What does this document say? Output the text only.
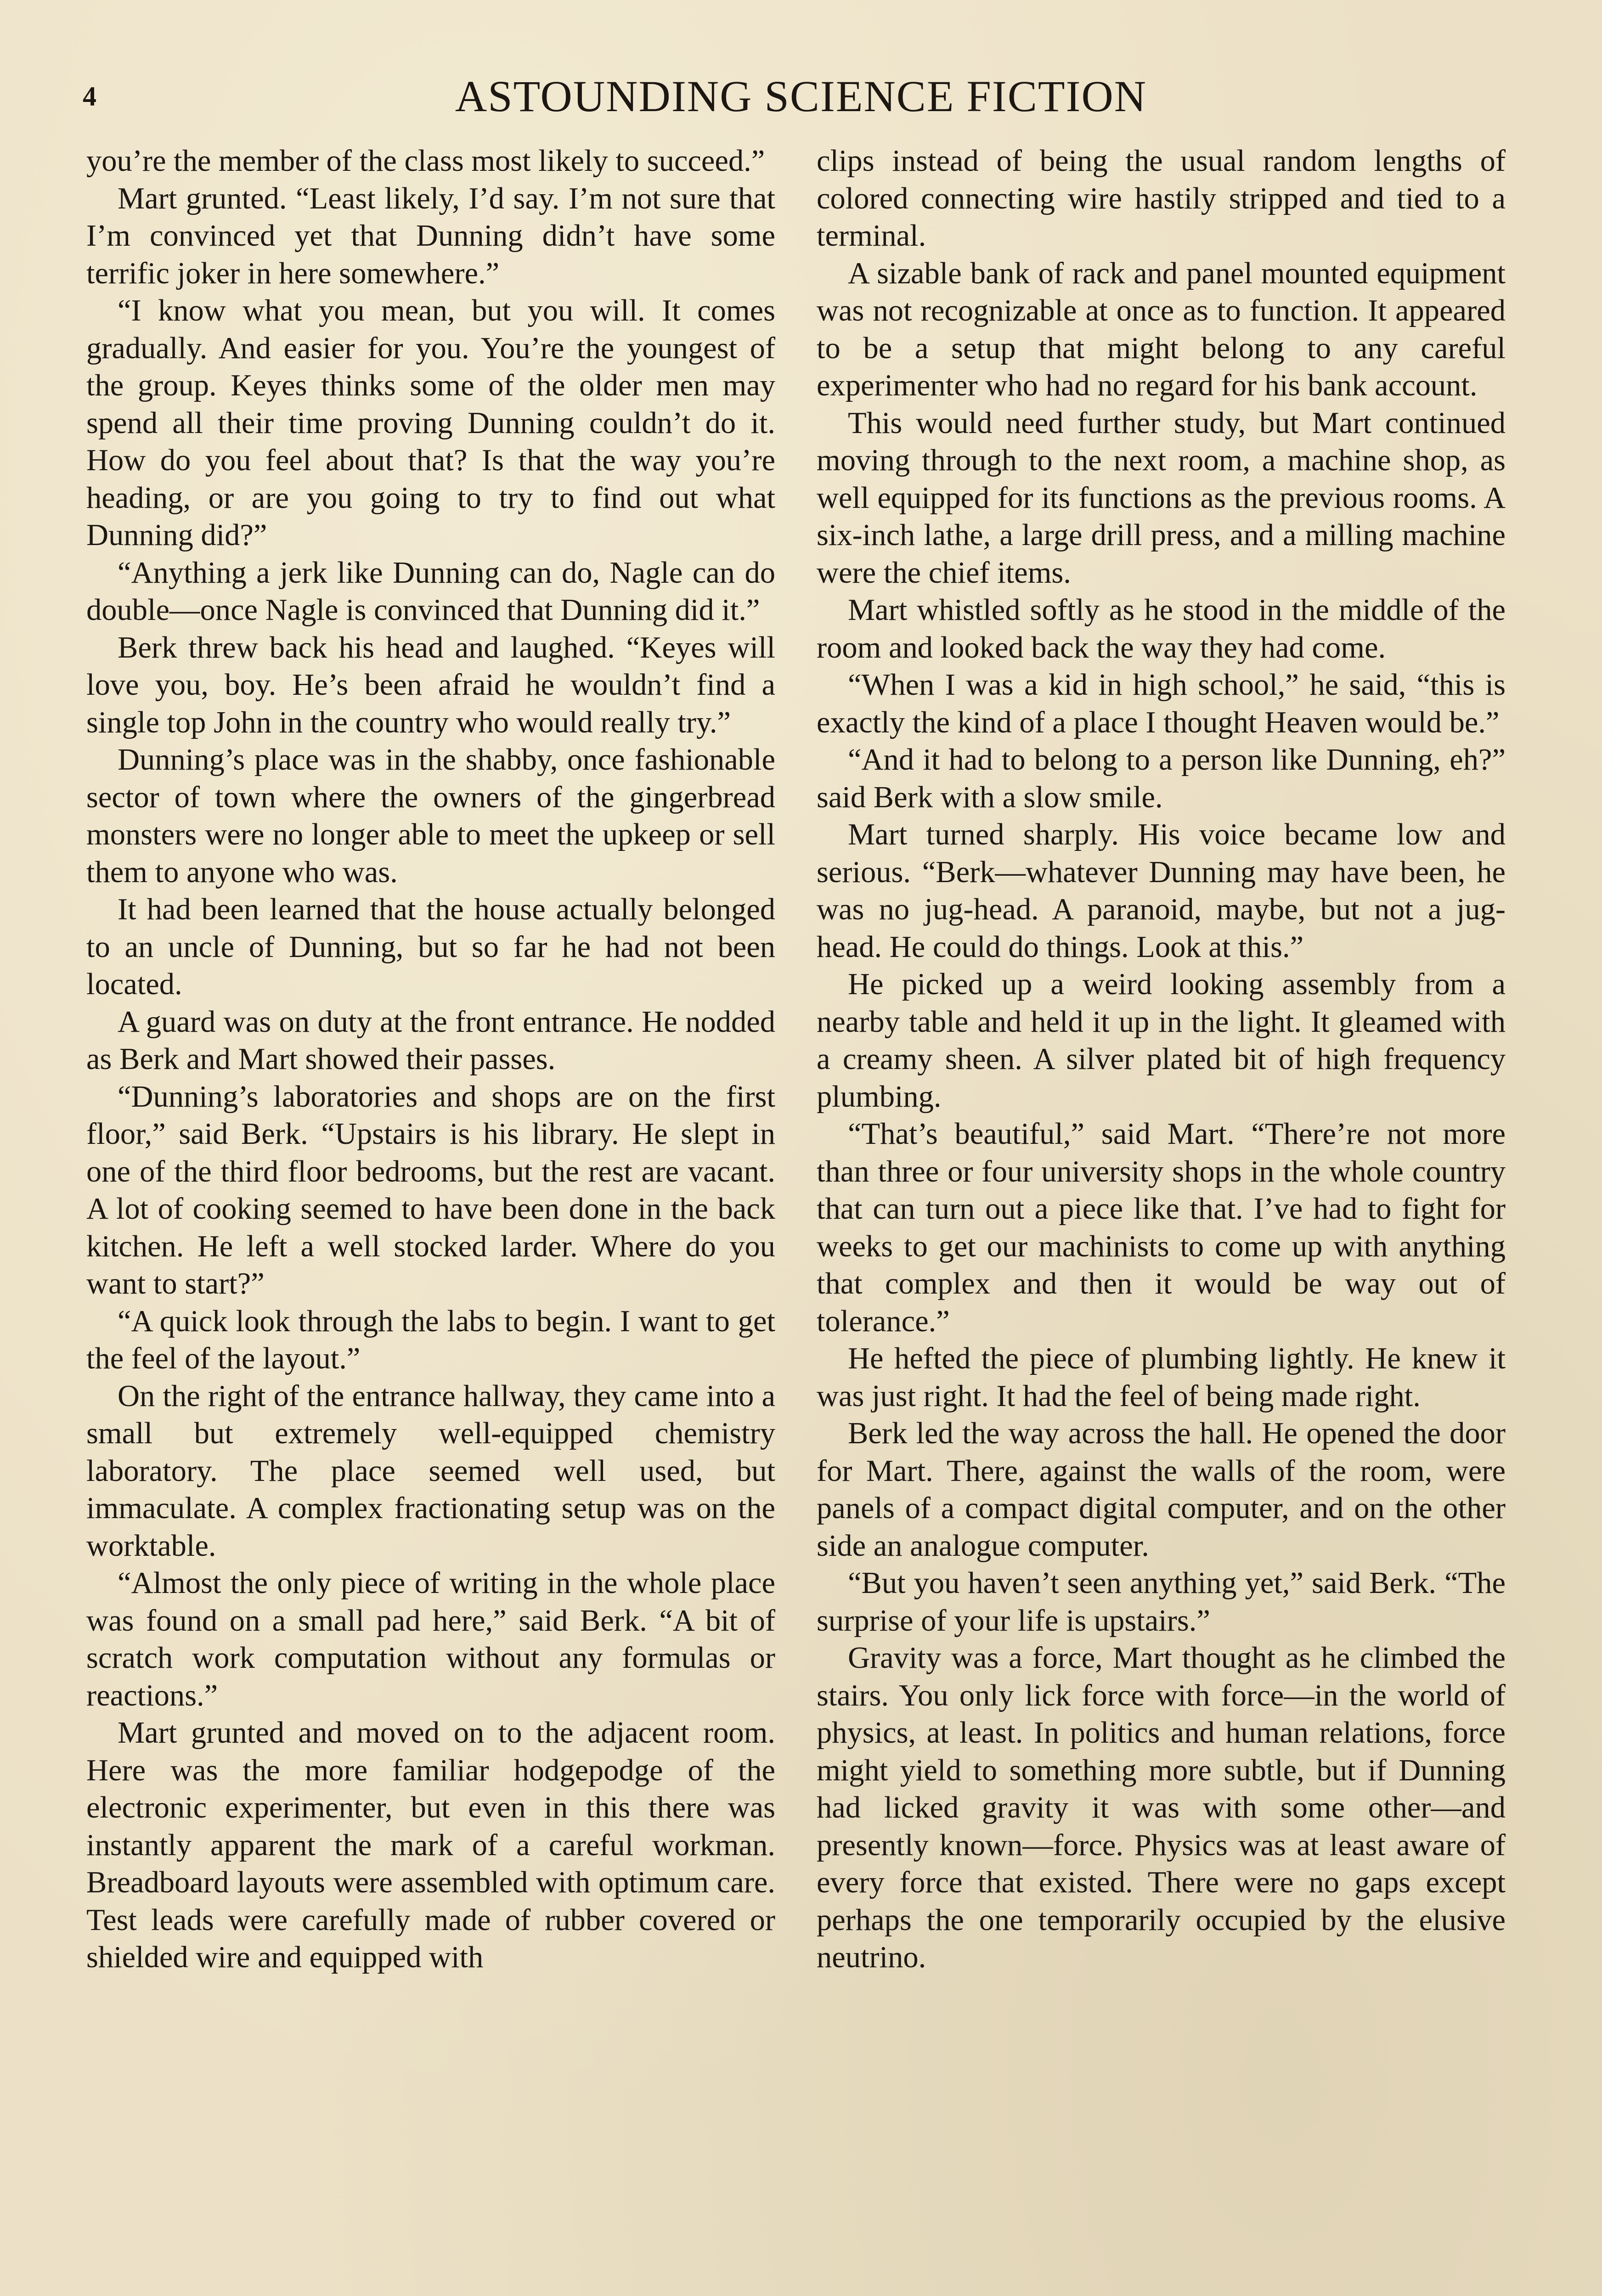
4	ASTOUNDING SCIENCE FICTION

you’re the member of the class most likely to succeed.”

Mart grunted. “Least likely, I’d say. I’m not sure that I’m convinced yet that Dunning didn’t have some terrific joker in here somewhere.”

“I know what you mean, but you will. It comes gradually. And easier for you. You’re the youngest of the group. Keyes thinks some of the older men may spend all their time proving Dunning couldn’t do it. How do you feel about that? Is that the way you’re heading, or are you going to try to find out what Dunning did?”

“Anything a jerk like Dunning can do, Nagle can do double—once Nagle is convinced that Dunning did it.”

Berk threw back his head and laughed. “Keyes will love you, boy. He’s been afraid he wouldn’t find a single top John in the country who would really try.”

Dunning’s place was in the shabby, once fashionable sector of town where the owners of the gingerbread monsters were no longer able to meet the upkeep or sell them to anyone who was.

It had been learned that the house actually belonged to an uncle of Dunning, but so far he had not been located.

A guard was on duty at the front entrance. He nodded as Berk and Mart showed their passes.

“Dunning’s laboratories and shops are on the first floor,” said Berk. “Upstairs is his library. He slept in one of the third floor bedrooms, but the rest are vacant. A lot of cooking seemed to have been done in the back kitchen. He left a well stocked larder. Where do you want to start?”

“A quick look through the labs to begin. I want to get the feel of the layout.”

On the right of the entrance hallway, they came into a small but extremely well-equipped chemistry laboratory. The place seemed well used, but immaculate. A complex fractionating setup was on the worktable.

“Almost the only piece of writing in the whole place was found on a small pad here,” said Berk. “A bit of scratch work computation without any formulas or reactions.”

Mart grunted and moved on to the adjacent room. Here was the more familiar hodgepodge of the electronic experimenter, but even in this there was instantly apparent the mark of a careful workman. Breadboard layouts were assembled with optimum care. Test leads were carefully made of rubber covered or shielded wire and equipped with

clips instead of being the usual random lengths of colored connecting wire hastily stripped and tied to a terminal.

A sizable bank of rack and panel mounted equipment was not recognizable at once as to function. It appeared to be a setup that might belong to any careful experimenter who had no regard for his bank account.

This would need further study, but Mart continued moving through to the next room, a machine shop, as well equipped for its functions as the previous rooms. A six-inch lathe, a large drill press, and a milling machine were the chief items.

Mart whistled softly as he stood in the middle of the room and looked back the way they had come.

“When I was a kid in high school,” he said, “this is exactly the kind of a place I thought Heaven would be.”

“And it had to belong to a person like Dunning, eh?” said Berk with a slow smile.

Mart turned sharply. His voice became low and serious. “Berk—whatever Dunning may have been, he was no jug-head. A paranoid, maybe, but not a jug-head. He could do things. Look at this.”

He picked up a weird looking assembly from a nearby table and held it up in the light. It gleamed with a creamy sheen. A silver plated bit of high frequency plumbing.

“That’s beautiful,” said Mart. “There’re not more than three or four university shops in the whole country that can turn out a piece like that. I’ve had to fight for weeks to get our machinists to come up with anything that complex and then it would be way out of tolerance.”

He hefted the piece of plumbing lightly. He knew it was just right. It had the feel of being made right.

Berk led the way across the hall. He opened the door for Mart. There, against the walls of the room, were panels of a compact digital computer, and on the other side an analogue computer.

“But you haven’t seen anything yet,” said Berk. “The surprise of your life is upstairs.”

Gravity was a force, Mart thought as he climbed the stairs. You only lick force with force—in the world of physics, at least. In politics and human relations, force might yield to something more subtle, but if Dunning had licked gravity it was with some other—and presently known—force. Physics was at least aware of every force that existed. There were no gaps except perhaps the one temporarily occupied by the elusive neutrino.
